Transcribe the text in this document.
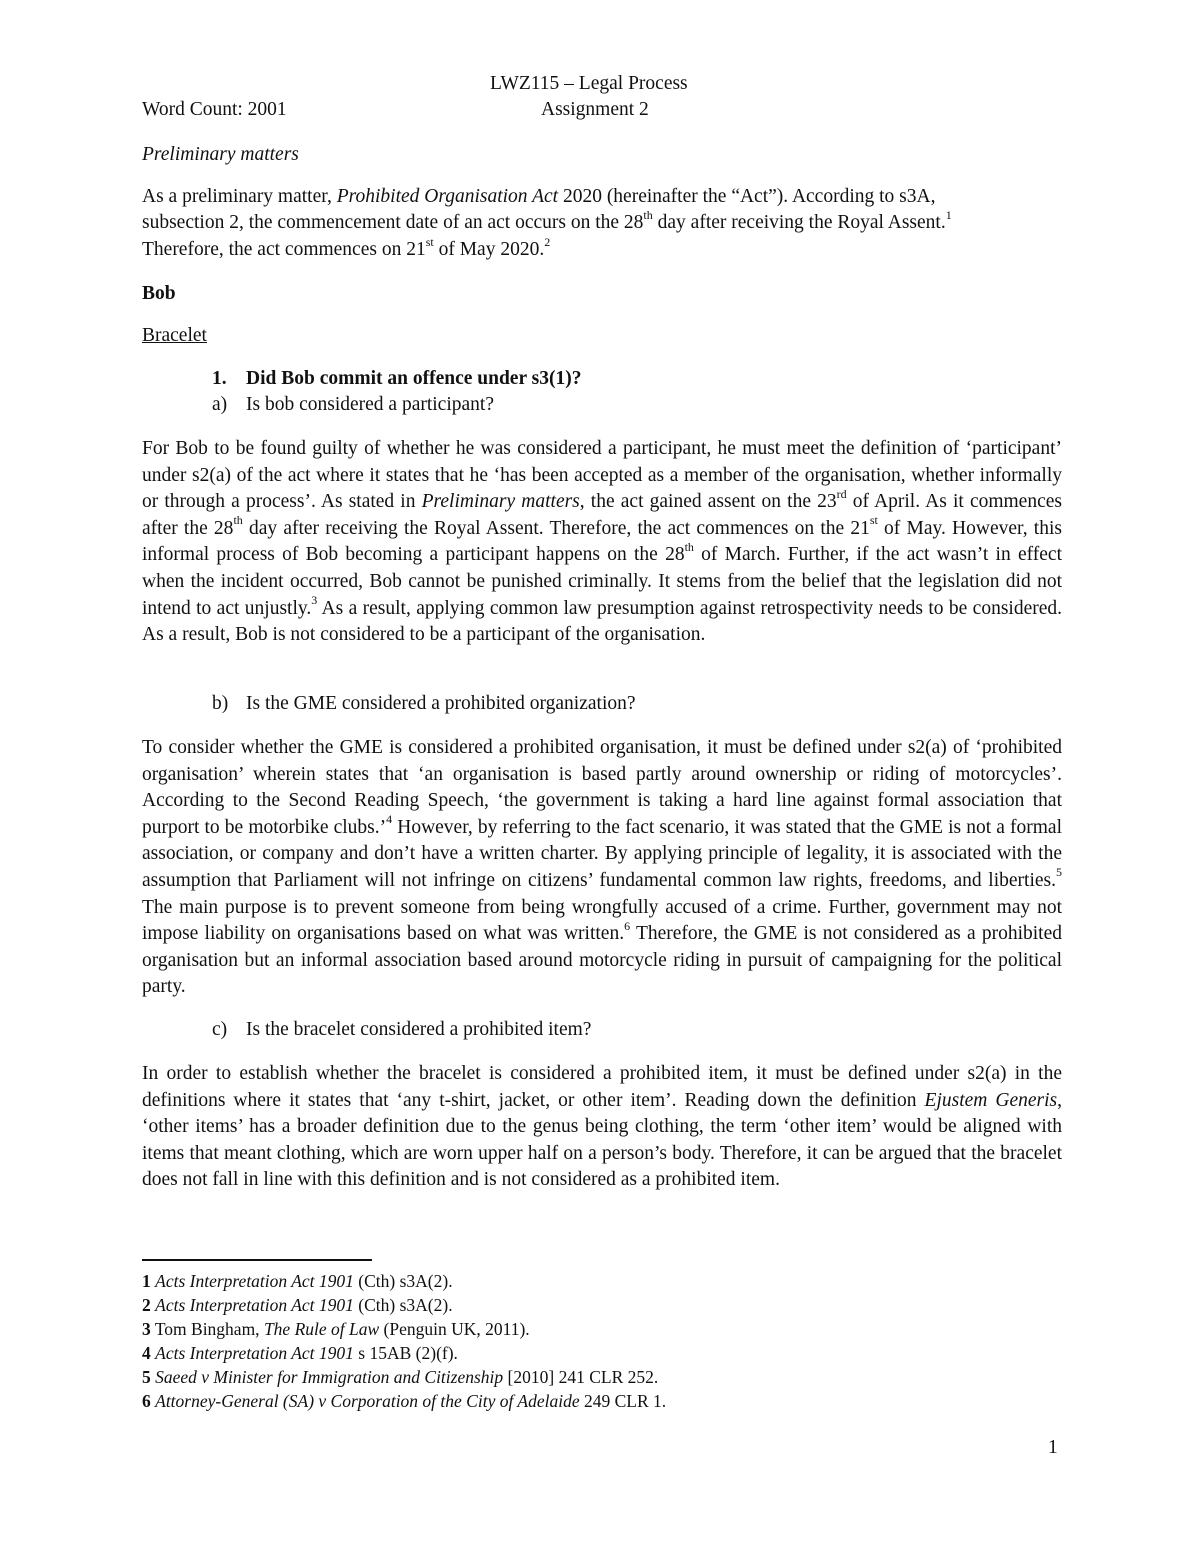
LWZ115 – Legal Process
Word Count: 2001	Assignment 2
Preliminary matters
As a preliminary matter, Prohibited Organisation Act 2020 (hereinafter the “Act”). According to s3A,
subsection 2, the commencement date of an act occurs on the 28th day after receiving the Royal Assent.$^1$
Therefore, the act commences on 21st of May 2020.$^2$
Bob
Bracelet
1. Did Bob commit an offence under s3(1)?
a) Is bob considered a participant?

For Bob to be found guilty of whether he was considered a participant, he must meet the definition of ‘participant’ under s2(a) of the act where it states that he ‘has been accepted as a member of the organisation, whether informally or through a process’. As stated in Preliminary matters, the act gained assent on the 23rd of April. As it commences after the 28th day after receiving the Royal Assent. Therefore, the act commences on the 21st of May. However, this informal process of Bob becoming a participant happens on the 28th of March. Further, if the act wasn’t in effect when the incident occurred, Bob cannot be punished criminally. It stems from the belief that the legislation did not intend to act unjustly.$^3$ As a result, applying common law presumption against retrospectivity needs to be considered. As a result, Bob is not considered to be a participant of the organisation.

b) Is the GME considered a prohibited organization?

To consider whether the GME is considered a prohibited organisation, it must be defined under s2(a) of ‘prohibited organisation’ wherein states that ‘an organisation is based partly around ownership or riding of motorcycles’. According to the Second Reading Speech, ‘the government is taking a hard line against formal association that purport to be motorbike clubs.’$^4$ However, by referring to the fact scenario, it was stated that the GME is not a formal association, or company and don’t have a written charter. By applying principle of legality, it is associated with the assumption that Parliament will not infringe on citizens’ fundamental common law rights, freedoms, and liberties.$^5$ The main purpose is to prevent someone from being wrongfully accused of a crime. Further, government may not impose liability on organisations based on what was written.$^6$ Therefore, the GME is not considered as a prohibited organisation but an informal association based around motorcycle riding in pursuit of campaigning for the political party.

c) Is the bracelet considered a prohibited item?

In order to establish whether the bracelet is considered a prohibited item, it must be defined under s2(a) in the definitions where it states that ‘any t-shirt, jacket, or other item’. Reading down the definition Ejustem Generis, ‘other items’ has a broader definition due to the genus being clothing, the term ‘other item’ would be aligned with items that meant clothing, which are worn upper half on a person’s body. Therefore, it can be argued that the bracelet does not fall in line with this definition and is not considered as a prohibited item.

1 Acts Interpretation Act 1901 (Cth) s3A(2).
2 Acts Interpretation Act 1901 (Cth) s3A(2).
3 Tom Bingham, The Rule of Law (Penguin UK, 2011).
4 Acts Interpretation Act 1901 s 15AB (2)(f).
5 Saeed v Minister for Immigration and Citizenship [2010] 241 CLR 252.
6 Attorney-General (SA) v Corporation of the City of Adelaide 249 CLR 1.
1
